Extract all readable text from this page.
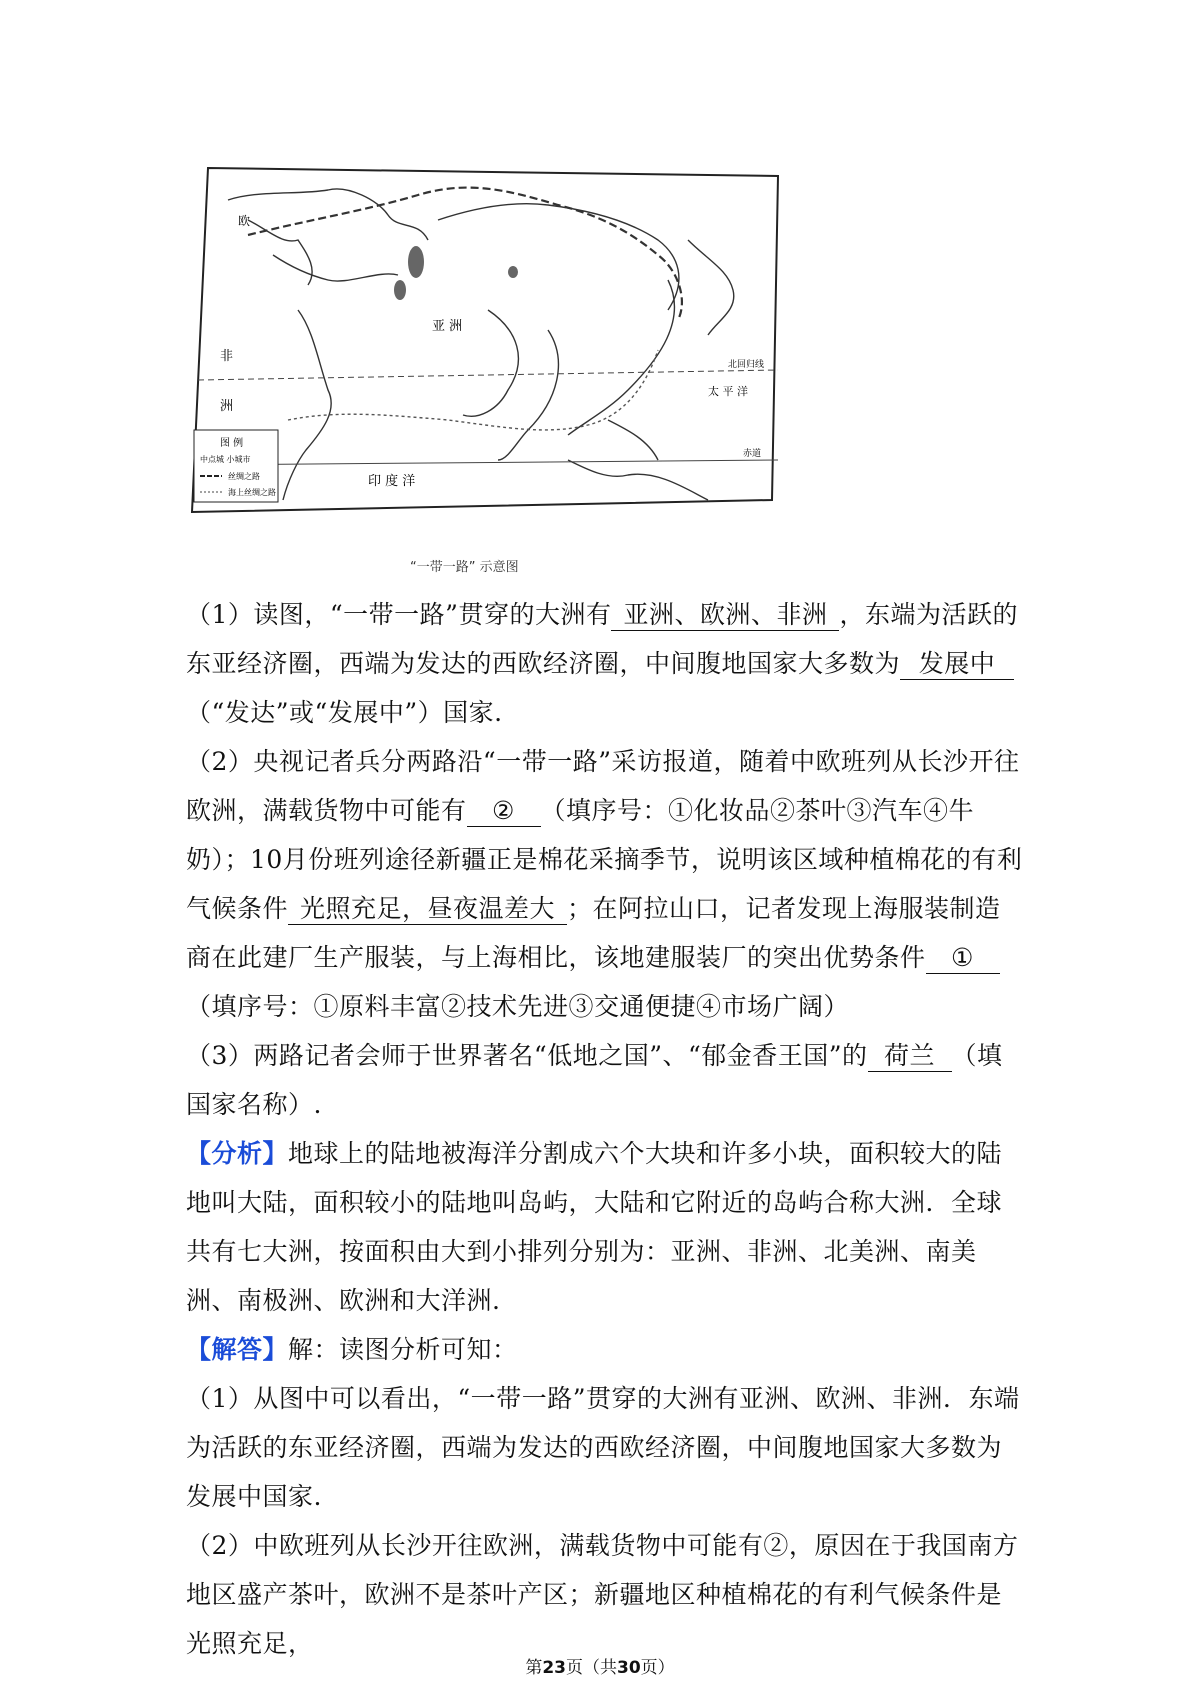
亚 洲
非
洲
印 度 洋
太 平 洋
欧
北回归线
赤道
图 例
中点城 小城市
丝绸之路
海上丝绸之路
“一带一路” 示意图

（1）读图，“一带一路”贯穿的大洲有 亚洲、欧洲、非洲 ，东端为活跃的东亚经济圈，西端为发达的西欧经济圈，中间腹地国家大多数为 发展中（“发达”或“发展中”）国家.

（2）央视记者兵分两路沿“一带一路”采访报道，随着中欧班列从长沙开往欧洲，满载货物中可能有 ② （填序号：①化妆品②茶叶③汽车④牛奶）；10月份班列途径新疆正是棉花采摘季节，说明该区域种植棉花的有利气候条件 光照充足，昼夜温差大 ；在阿拉山口，记者发现上海服装制造商在此建厂生产服装，与上海相比，该地建服装厂的突出优势条件 ①（填序号：①原料丰富②技术先进③交通便捷④市场广阔）

（3）两路记者会师于世界著名“低地之国”、“郁金香王国”的 荷兰 （填国家名称）.

【分析】地球上的陆地被海洋分割成六个大块和许多小块，面积较大的陆地叫大陆，面积较小的陆地叫岛屿，大陆和它附近的岛屿合称大洲．全球共有七大洲，按面积由大到小排列分别为：亚洲、非洲、北美洲、南美洲、南极洲、欧洲和大洋洲.

【解答】解：读图分析可知：

（1）从图中可以看出，“一带一路”贯穿的大洲有亚洲、欧洲、非洲．东端为活跃的东亚经济圈，西端为发达的西欧经济圈，中间腹地国家大多数为发展中国家.

（2）中欧班列从长沙开往欧洲，满载货物中可能有②，原因在于我国南方地区盛产茶叶，欧洲不是茶叶产区；新疆地区种植棉花的有利气候条件是光照充足，

第23页（共30页）
